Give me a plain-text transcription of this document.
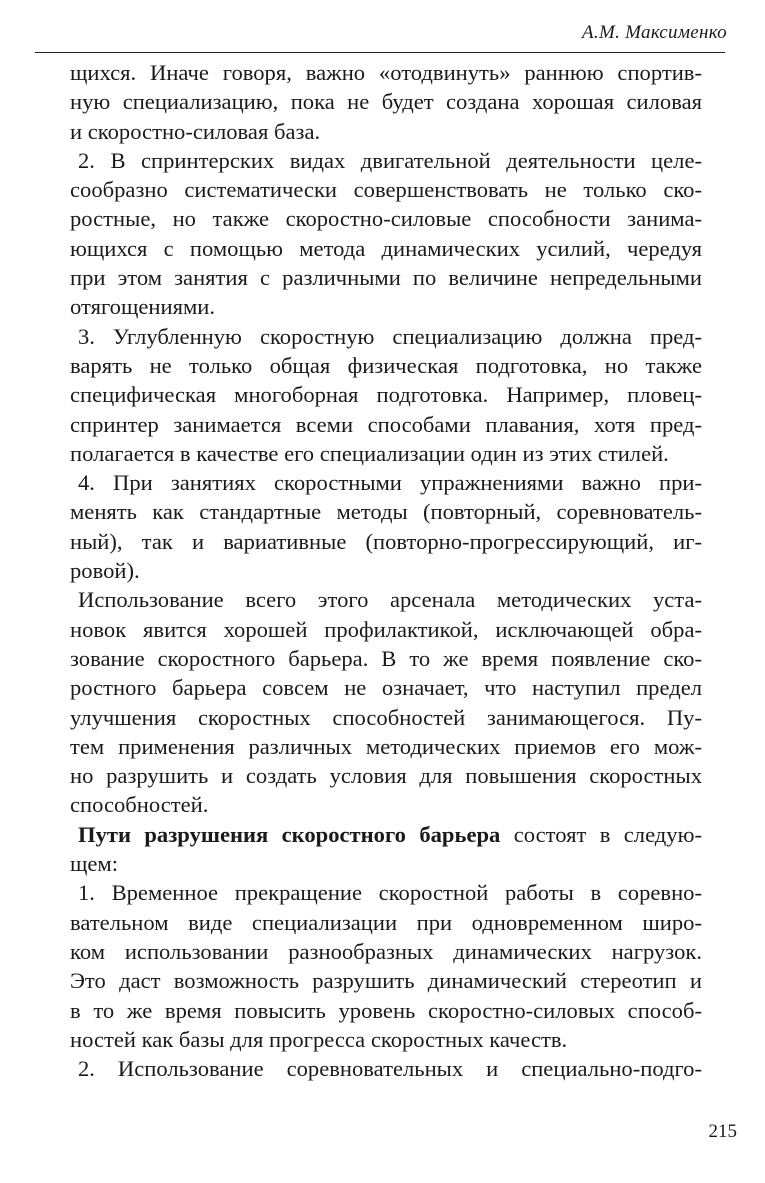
А.М. Максименко
щихся. Иначе говоря, важно «отодвинуть» раннюю спортив-
ную специализацию, пока не будет создана хорошая силовая
и скоростно-силовая база.
2. В спринтерских видах двигательной деятельности целе-
сообразно систематически совершенствовать не только ско-
ростные, но также скоростно-силовые способности занима-
ющихся с помощью метода динамических усилий, чередуя
при этом занятия с различными по величине непредельными
отягощениями.
3. Углубленную скоростную специализацию должна пред-
варять не только общая физическая подготовка, но также
специфическая многоборная подготовка. Например, пловец-
спринтер занимается всеми способами плавания, хотя пред-
полагается в качестве его специализации один из этих стилей.
4. При занятиях скоростными упражнениями важно при-
менять как стандартные методы (повторный, соревнователь-
ный), так и вариативные (повторно-прогрессирующий, иг-
ровой).
Использование всего этого арсенала методических уста-
новок явится хорошей профилактикой, исключающей обра-
зование скоростного барьера. В то же время появление ско-
ростного барьера совсем не означает, что наступил предел
улучшения скоростных способностей занимающегося. Пу-
тем применения различных методических приемов его мож-
но разрушить и создать условия для повышения скоростных
способностей.
Пути разрушения скоростного барьера состоят в следую-
щем:
1. Временное прекращение скоростной работы в соревно-
вательном виде специализации при одновременном широ-
ком использовании разнообразных динамических нагрузок.
Это даст возможность разрушить динамический стереотип и
в то же время повысить уровень скоростно-силовых способ-
ностей как базы для прогресса скоростных качеств.
2. Использование соревновательных и специально-подго-
215
